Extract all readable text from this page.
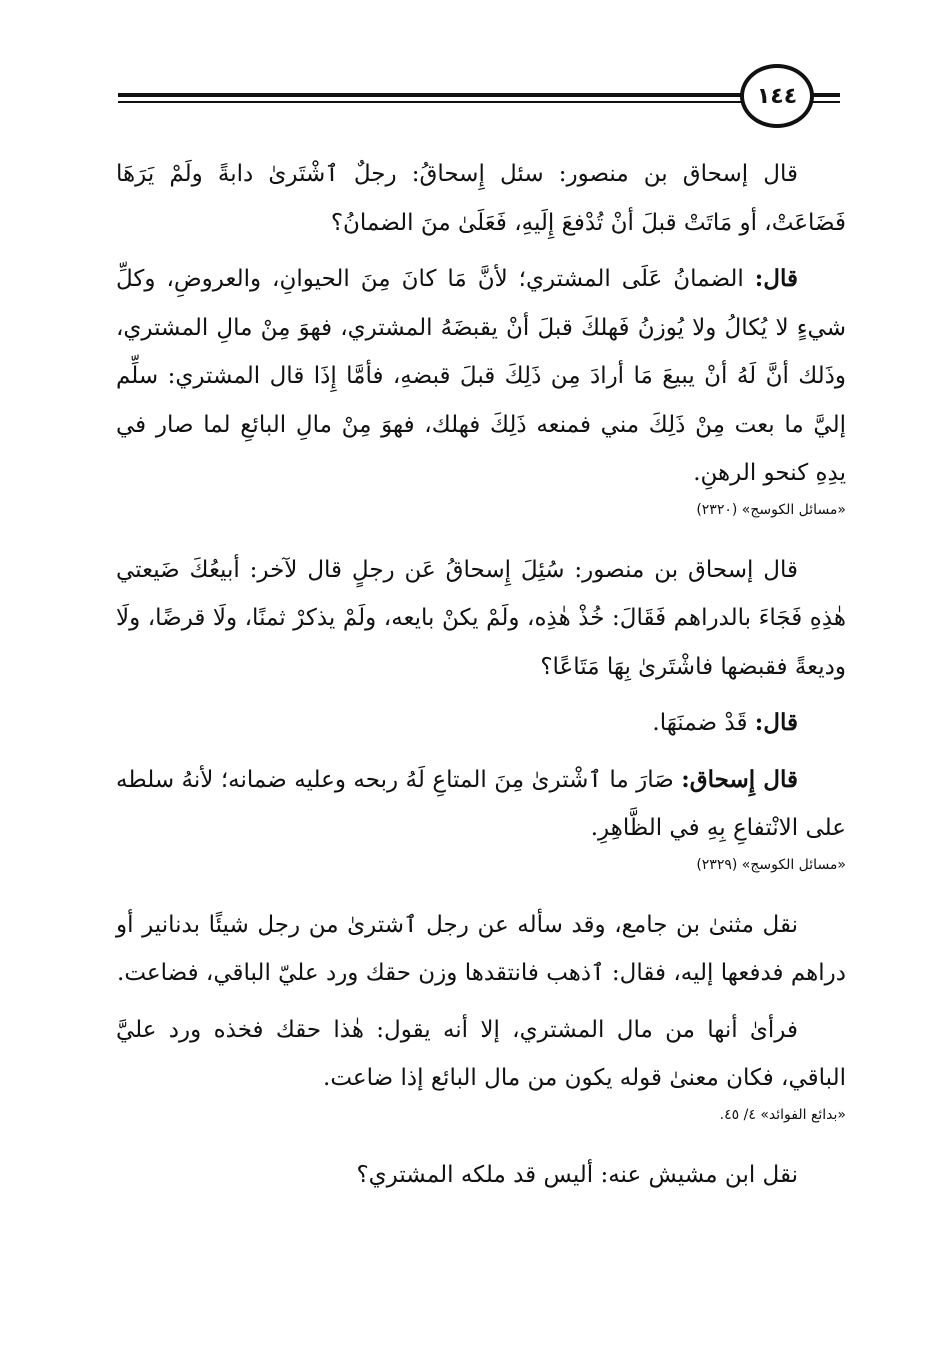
١٤٤

قال إسحاق بن منصور: سئل إِسحاقُ: رجلٌ ٱشْتَرىٰ دابةً ولَمْ يَرَهَا فَضَاعَتْ، أو مَاتَتْ قبلَ أنْ تُدْفعَ إِلَيهِ، فَعَلَىٰ منَ الضمانُ؟

قال: الضمانُ عَلَى المشتري؛ لأنَّ مَا كانَ مِنَ الحيوانِ، والعروضِ، وكلِّ شيءٍ لا يُكالُ ولا يُوزنُ فَهلكَ قبلَ أنْ يقبضَهُ المشتري، فهوَ مِنْ مالِ المشتري، وذَلك أنَّ لَهُ أنْ يبيعَ مَا أرادَ مِن ذَلِكَ قبلَ قبضهِ، فأمَّا إِذَا قال المشتري: سلِّم إليَّ ما بعت مِنْ ذَلِكَ مني فمنعه ذَلِكَ فهلك، فهوَ مِنْ مالِ البائعِ لما صار في يدِهِ كنحو الرهنِ.

«مسائل الكوسج» (٢٣٢٠)

قال إسحاق بن منصور: سُئِلَ إِسحاقُ عَن رجلٍ قال لآخر: أبيعُكَ ضَيعتي هٰذِهِ فَجَاءَ بالدراهم فَقَالَ: خُذْ هٰذِه، ولَمْ يكنْ بايعه، ولَمْ يذكرْ ثمنًا، ولَا قرضًا، ولَا وديعةً فقبضها فاشْتَرىٰ بِهَا مَتَاعًا؟

قال: قَدْ ضمنَهَا.

قال إِسحاق: صَارَ ما ٱشْترىٰ مِنَ المتاعِ لَهُ ربحه وعليه ضمانه؛ لأنهُ سلطه على الانْتفاعِ بِهِ في الظَّاهِرِ.

«مسائل الكوسج» (٢٣٢٩)

نقل مثنىٰ بن جامع، وقد سأله عن رجل ٱشترىٰ من رجل شيئًا بدنانير أو دراهم فدفعها إليه، فقال: ٱذهب فانتقدها وزن حقك ورد عليّ الباقي، فضاعت.

فرأىٰ أنها من مال المشتري، إلا أنه يقول: هٰذا حقك فخذه ورد عليَّ الباقي، فكان معنىٰ قوله يكون من مال البائع إذا ضاعت.

«بدائع الفوائد» ٤/ ٤٥.

نقل ابن مشيش عنه: أليس قد ملكه المشتري؟
